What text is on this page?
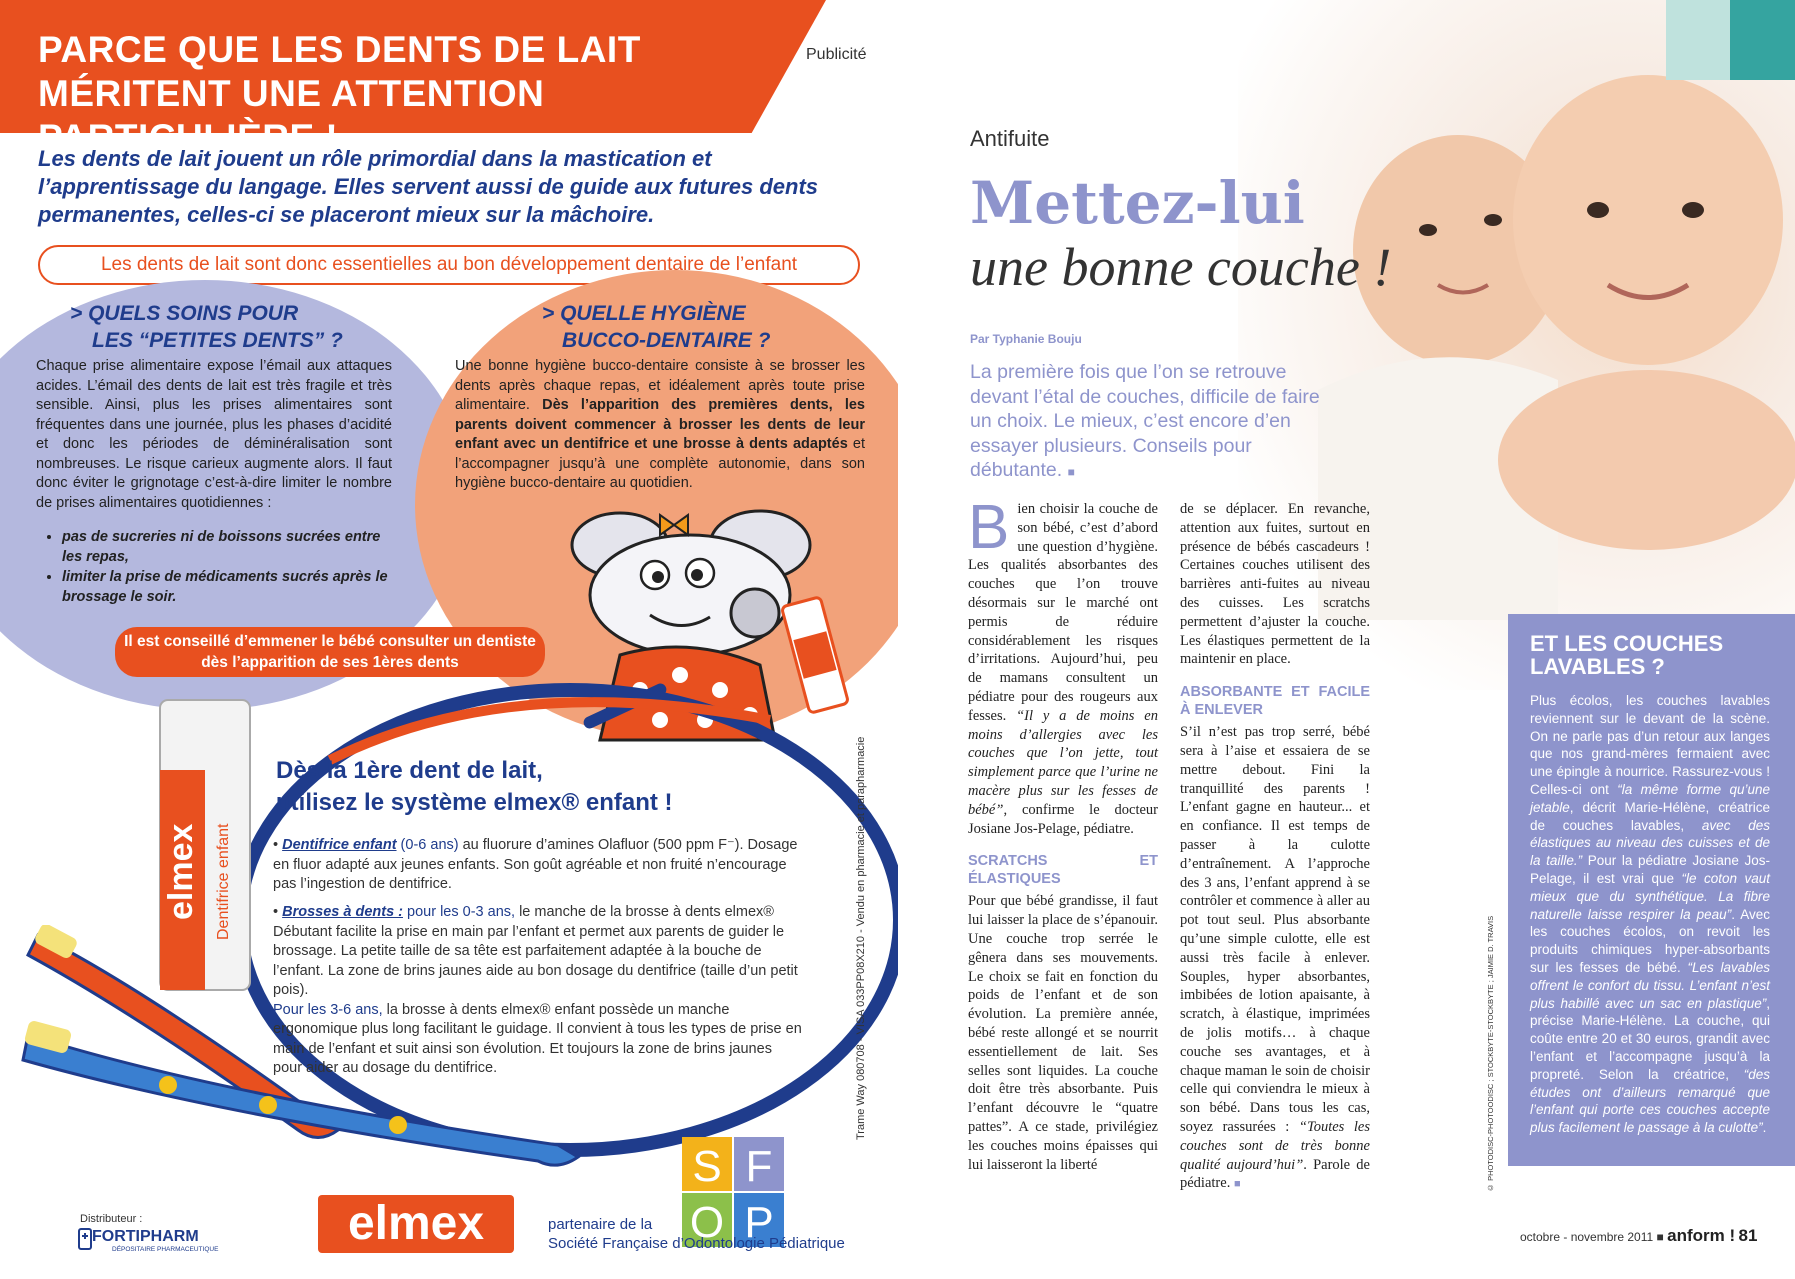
PARCE QUE LES DENTS DE LAIT MÉRITENT UNE ATTENTION PARTICULIÈRE !
Publicité
Les dents de lait jouent un rôle primordial dans la mastication et l’apprentissage du langage. Elles servent aussi de guide aux futures dents permanentes, celles-ci se placeront mieux sur la mâchoire.
Les dents de lait sont donc essentielles au bon développement dentaire de l’enfant
> QUELS SOINS POUR
LES “PETITES DENTS” ?
Chaque prise alimentaire expose l’émail aux attaques acides. L’émail des dents de lait est très fragile et très sensible. Ainsi, plus les prises alimentaires sont fréquentes dans une journée, plus les phases d’acidité et donc les périodes de déminéralisation sont nombreuses. Le risque carieux augmente alors. Il faut donc éviter le grignotage c’est-à-dire limiter le nombre de prises alimentaires quotidiennes :
• pas de sucreries ni de boissons sucrées entre les repas,
• limiter la prise de médicaments sucrés après le brossage le soir.
> QUELLE HYGIÈNE
BUCCO-DENTAIRE ?
Une bonne hygiène bucco-dentaire consiste à se brosser les dents après chaque repas, et idéalement après toute prise alimentaire. Dès l’apparition des premières dents, les parents doivent commencer à brosser les dents de leur enfant avec un dentifrice et une brosse à dents adaptés et l’accompagner jusqu’à une complète autonomie, dans son hygiène bucco-dentaire au quotidien.
Il est conseillé d’emmener le bébé consulter un dentiste dès l’apparition de ses 1ères dents
elmex Dentifrice enfant
Dès la 1ère dent de lait,
utilisez le système elmex® enfant !
• Dentifrice enfant (0-6 ans) au fluorure d’amines Olafluor (500 ppm F⁻). Dosage en fluor adapté aux jeunes enfants. Son goût agréable et non fruité n’encourage pas l’ingestion de dentifrice.
• Brosses à dents : pour les 0-3 ans, le manche de la brosse à dents elmex® Débutant facilite la prise en main par l’enfant et permet aux parents de guider le brossage. La petite taille de sa tête est parfaitement adaptée à la bouche de l’enfant. La zone de brins jaunes aide au bon dosage du dentifrice (taille d’un petit pois).
Pour les 3-6 ans, la brosse à dents elmex® enfant possède un manche ergonomique plus long facilitant le guidage. Il convient à tous les types de prise en main de l’enfant et suit ainsi son évolution. Et toujours la zone de brins jaunes pour aider au dosage du dentifrice.	Trame Way 080708 - VISA 033PP08X210 - Vendu en pharmacie et parapharmacie
elmex
S F
O P
partenaire de la
Société Française d’Odontologie Pédiatrique
Distributeur :
FORTIPHARM
DÉPOSITAIRE PHARMACEUTIQUE
Antifuite
Mettez-lui
une bonne couche !
Par Typhanie Bouju
La première fois que l’on se retrouve devant l’étal de couches, difficile de faire un choix. Le mieux, c’est encore d’en essayer plusieurs. Conseils pour débutante. ■
Bien choisir la couche de son bébé, c’est d’abord une question d’hygiène. Les qualités absorbantes des couches que l’on trouve désormais sur le marché ont permis de réduire considérablement les risques d’irritations. Aujourd’hui, peu de mamans consultent un pédiatre pour des rougeurs aux fesses. “Il y a de moins en moins d’allergies avec les couches que l’on jette, tout simplement parce que l’urine ne macère plus sur les fesses de bébé”, confirme le docteur Josiane Jos-Pelage, pédiatre.
SCRATCHS ET ÉLASTIQUES
Pour que bébé grandisse, il faut lui laisser la place de s’épanouir. Une couche trop serrée le gênera dans ses mouvements. Le choix se fait en fonction du poids de l’enfant et de son évolution. La première année, bébé reste allongé et se nourrit essentiellement de lait. Ses selles sont liquides. La couche doit être très absorbante. Puis l’enfant découvre le “quatre pattes”. A ce stade, privilégiez les couches moins épaisses qui lui laisseront la liberté
de se déplacer. En revanche, attention aux fuites, surtout en présence de bébés cascadeurs ! Certaines couches utilisent des barrières anti-fuites au niveau des cuisses. Les scratchs permettent d’ajuster la couche. Les élastiques permettent de la maintenir en place.
ABSORBANTE ET FACILE À ENLEVER
S’il n’est pas trop serré, bébé sera à l’aise et essaiera de se mettre debout. Fini la tranquillité des parents ! L’enfant gagne en hauteur... et en confiance. Il est temps de passer à la culotte d’entraînement. A l’approche des 3 ans, l’enfant apprend à se contrôler et commence à aller au pot tout seul. Plus absorbante qu’une simple culotte, elle est aussi très facile à enlever. Souples, hyper absorbantes, imbibées de lotion apaisante, à scratch, à élastique, imprimées de jolis motifs… à chaque couche ses avantages, et à chaque maman le soin de choisir celle qui conviendra le mieux à son bébé. Dans tous les cas, soyez rassurées : “Toutes les couches sont de très bonne qualité aujourd’hui”. Parole de pédiatre. ■
ET LES COUCHES LAVABLES ?
Plus écolos, les couches lavables reviennent sur le devant de la scène. On ne parle pas d’un retour aux langes que nos grand-mères fermaient avec une épingle à nourrice. Rassurez-vous ! Celles-ci ont “la même forme qu’une jetable, décrit Marie-Hélène, créatrice de couches lavables, avec des élastiques au niveau des cuisses et de la taille.” Pour la pédiatre Josiane Jos-Pelage, il est vrai que “le coton vaut mieux que du synthétique. La fibre naturelle laisse respirer la peau”. Avec les couches écolos, on revoit les produits chimiques hyper-absorbants sur les fesses de bébé. “Les lavables offrent le confort du tissu. L’enfant n’est plus habillé avec un sac en plastique”, précise Marie-Hélène. La couche, qui coûte entre 20 et 30 euros, grandit avec l’enfant et l’accompagne jusqu’à la propreté. Selon la créatrice, “des études ont d’ailleurs remarqué que l’enfant qui porte ces couches accepte plus facilement le passage à la culotte”.
© PHOTODISC-PHOTOODISC ; STOCKBYTE-STOCKBYTE ; JAIMIE D. TRAVIS
octobre - novembre 2011 ■ anform ! 81
